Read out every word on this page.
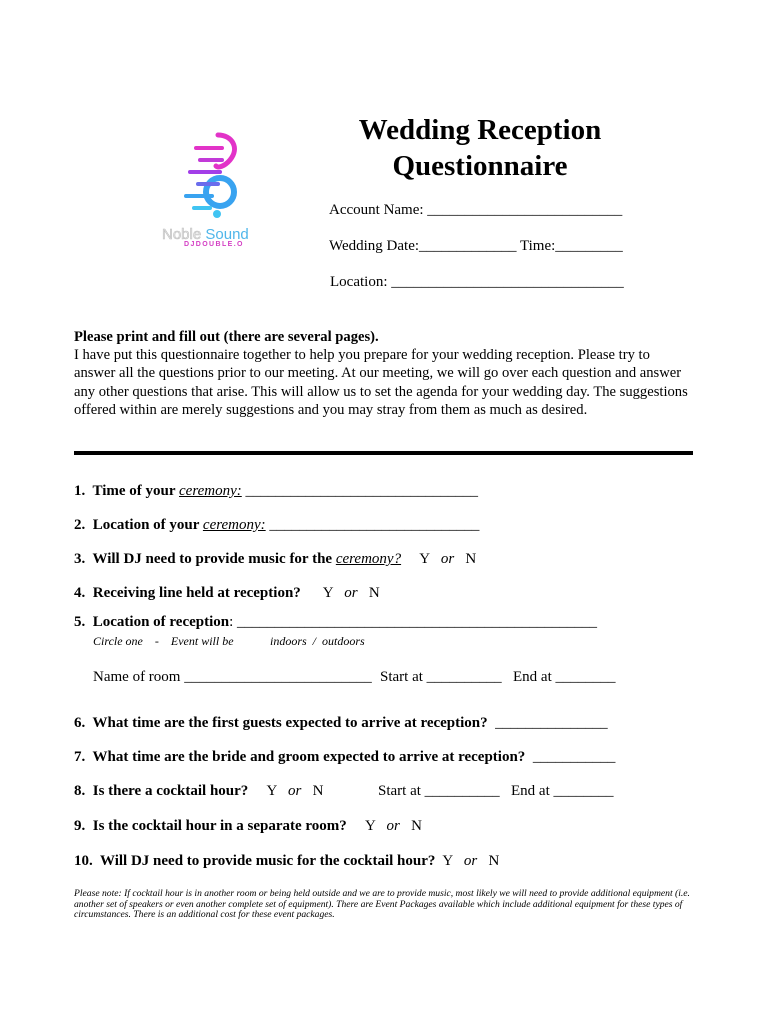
Noble Sound
DJDOUBLE.O
Wedding Reception
Questionnaire
Account Name: __________________________
Wedding Date:_____________ Time:_________
Location: _______________________________
Please print and fill out (there are several pages).
I have put this questionnaire together to help you prepare for your wedding reception. Please try to answer all the questions prior to our meeting. At our meeting, we will go over each question and answer any other questions that arise. This will allow us to set the agenda for your wedding day. The suggestions offered within are merely suggestions and you may stray from them as much as desired.
1. Time of your ceremony: _______________________________
2. Location of your ceremony: ____________________________
3. Will DJ need to provide music for the ceremony? Y or N
4. Receiving line held at reception? Y or N
5. Location of reception: ________________________________________________
Circle one    -    Event will be	indoors  /  outdoors
Name of room _________________________ Start at __________ End at ________
6. What time are the first guests expected to arrive at reception? _______________
7. What time are the bride and groom expected to arrive at reception? ___________
8. Is there a cocktail hour? Y or N	Start at __________ End at ________
9. Is the cocktail hour in a separate room? Y or N
10. Will DJ need to provide music for the cocktail hour? Y or N
Please note: If cocktail hour is in another room or being held outside and we are to provide music, most likely we will need to provide additional equipment (i.e. another set of speakers or even another complete set of equipment). There are Event Packages available which include additional equipment for these types of circumstances. There is an additional cost for these event packages.
